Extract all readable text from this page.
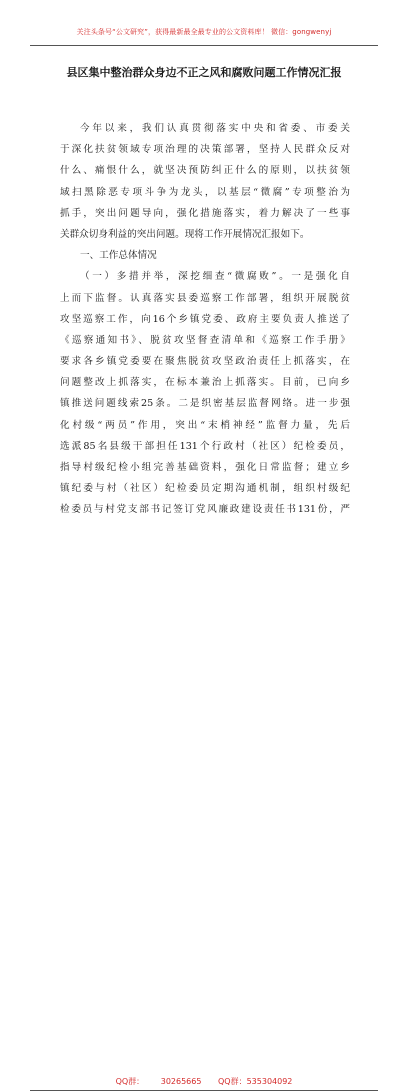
关注头条号“公文研究”，获得最新最全最专业的公文资料库！ 微信：gongwenyj
县区集中整治群众身边不正之风和腐败问题工作情况汇报
今年以来，我们认真贯彻落实中央和省委、市委关
于深化扶贫领域专项治理的决策部署，坚持人民群众反对
什么、痛恨什么，就坚决预防纠正什么的原则，以扶贫领
域扫黑除恶专项斗争为龙头，以基层“微腐”专项整治为
抓手，突出问题导向，强化措施落实，着力解决了一些事
关群众切身利益的突出问题。现将工作开展情况汇报如下。
一、工作总体情况
（一）多措并举，深挖细查“微腐败”。一是强化自
上而下监督。认真落实县委巡察工作部署，组织开展脱贫
攻坚巡察工作，向16个乡镇党委、政府主要负责人推送了
《巡察通知书》、脱贫攻坚督查清单和《巡察工作手册》
要求各乡镇党委要在聚焦脱贫攻坚政治责任上抓落实，在
问题整改上抓落实，在标本兼治上抓落实。目前，已向乡
镇推送问题线索25条。二是织密基层监督网络。进一步强
化村级“两员”作用，突出“末梢神经”监督力量，先后
选派85名县级干部担任131个行政村（社区）纪检委员，
指导村级纪检小组完善基础资料，强化日常监督；建立乡
镇纪委与村（社区）纪检委员定期沟通机制，组织村级纪
检委员与村党支部书记签订党风廉政建设责任书131份，严
QQ群： 30265665 QQ群：535304092
